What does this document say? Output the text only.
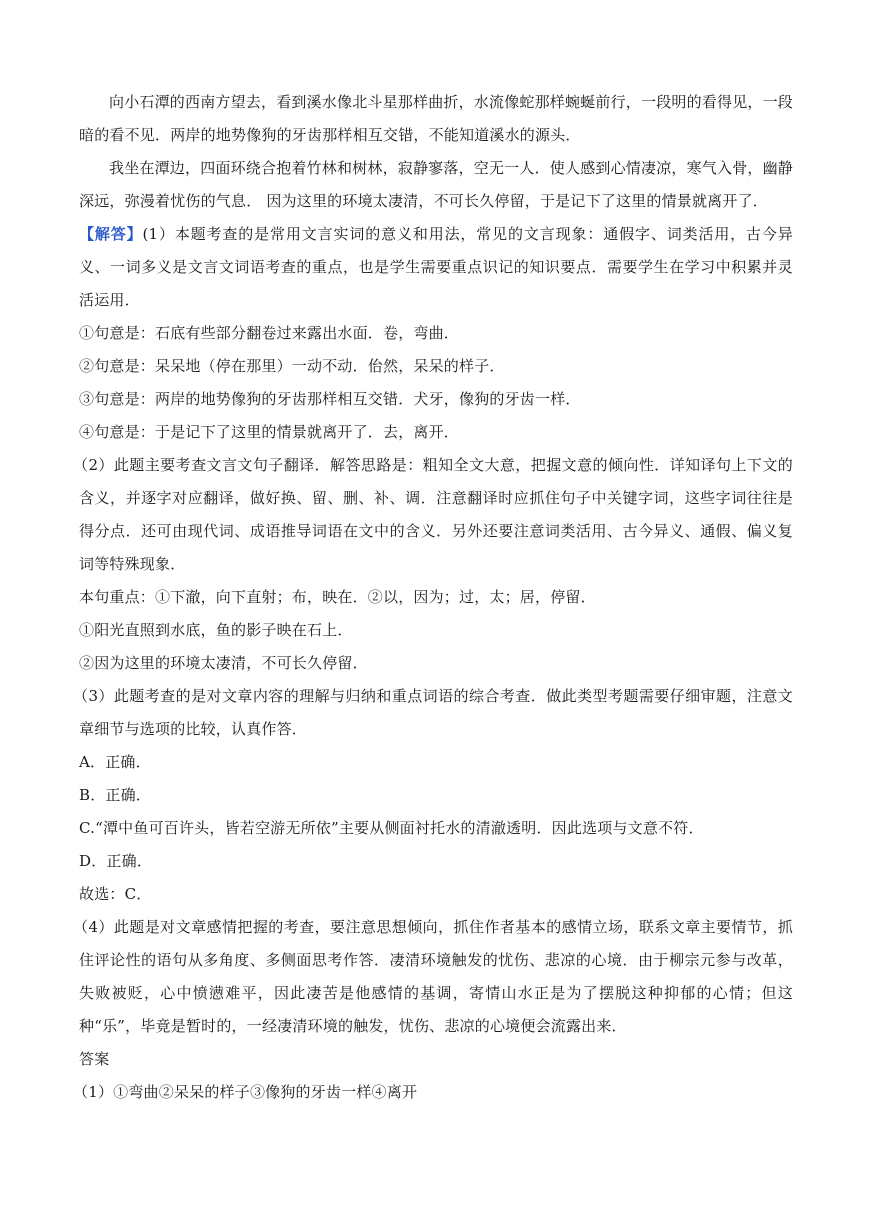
向小石潭的西南方望去，看到溪水像北斗星那样曲折，水流像蛇那样蜿蜒前行，一段明的看得见，一段暗的看不见．两岸的地势像狗的牙齿那样相互交错，不能知道溪水的源头．

我坐在潭边，四面环绕合抱着竹林和树林，寂静寥落，空无一人．使人感到心情凄凉，寒气入骨，幽静深远，弥漫着忧伤的气息． 因为这里的环境太凄清，不可长久停留，于是记下了这里的情景就离开了．

【解答】(1）本题考查的是常用文言实词的意义和用法，常见的文言现象：通假字、词类活用，古今异义、一词多义是文言文词语考查的重点，也是学生需要重点识记的知识要点．需要学生在学习中积累并灵活运用．

①句意是：石底有些部分翻卷过来露出水面．卷，弯曲．

②句意是：呆呆地（停在那里）一动不动．佁然，呆呆的样子．

③句意是：两岸的地势像狗的牙齿那样相互交错．犬牙，像狗的牙齿一样．

④句意是：于是记下了这里的情景就离开了．去，离开．

（2）此题主要考查文言文句子翻译．解答思路是：粗知全文大意，把握文意的倾向性．详知译句上下文的含义，并逐字对应翻译，做好换、留、删、补、调．注意翻译时应抓住句子中关键字词，这些字词往往是得分点．还可由现代词、成语推导词语在文中的含义．另外还要注意词类活用、古今异义、通假、偏义复词等特殊现象．

本句重点：①下澈，向下直射；布，映在．②以，因为；过，太；居，停留．

①阳光直照到水底，鱼的影子映在石上．

②因为这里的环境太凄清，不可长久停留．

（3）此题考查的是对文章内容的理解与归纳和重点词语的综合考查．做此类型考题需要仔细审题，注意文章细节与选项的比较，认真作答．

A．正确．

B．正确．

C.“潭中鱼可百许头，皆若空游无所依”主要从侧面衬托水的清澈透明．因此选项与文意不符．

D．正确．

故选：C．

（4）此题是对文章感情把握的考查，要注意思想倾向，抓住作者基本的感情立场，联系文章主要情节，抓住评论性的语句从多角度、多侧面思考作答．凄清环境触发的忧伤、悲凉的心境．由于柳宗元参与改革，失败被贬，心中愤懑难平，因此凄苦是他感情的基调，寄情山水正是为了摆脱这种抑郁的心情；但这种“乐”，毕竟是暂时的，一经凄清环境的触发，忧伤、悲凉的心境便会流露出来．

答案

（1）①弯曲②呆呆的样子③像狗的牙齿一样④离开
